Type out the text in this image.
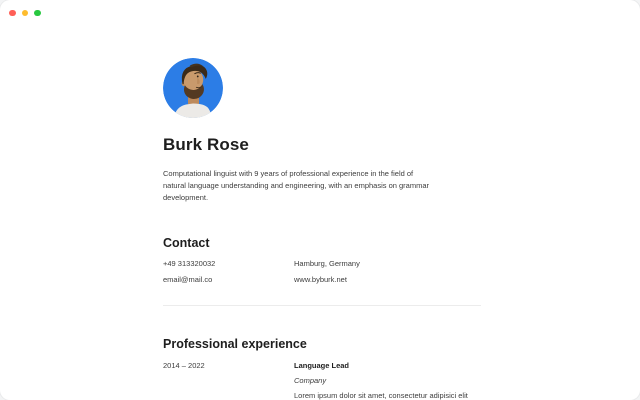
Burk Rose

Computational linguist with 9 years of professional experience in the field of natural language understanding and engineering, with an emphasis on grammar development.

Contact
+49 313320032
email@mail.co
Hamburg, Germany
www.byburk.net
Professional experience
2014 – 2022	Language Lead

Company

Lorem ipsum dolor sit amet, consectetur adipisici elit
